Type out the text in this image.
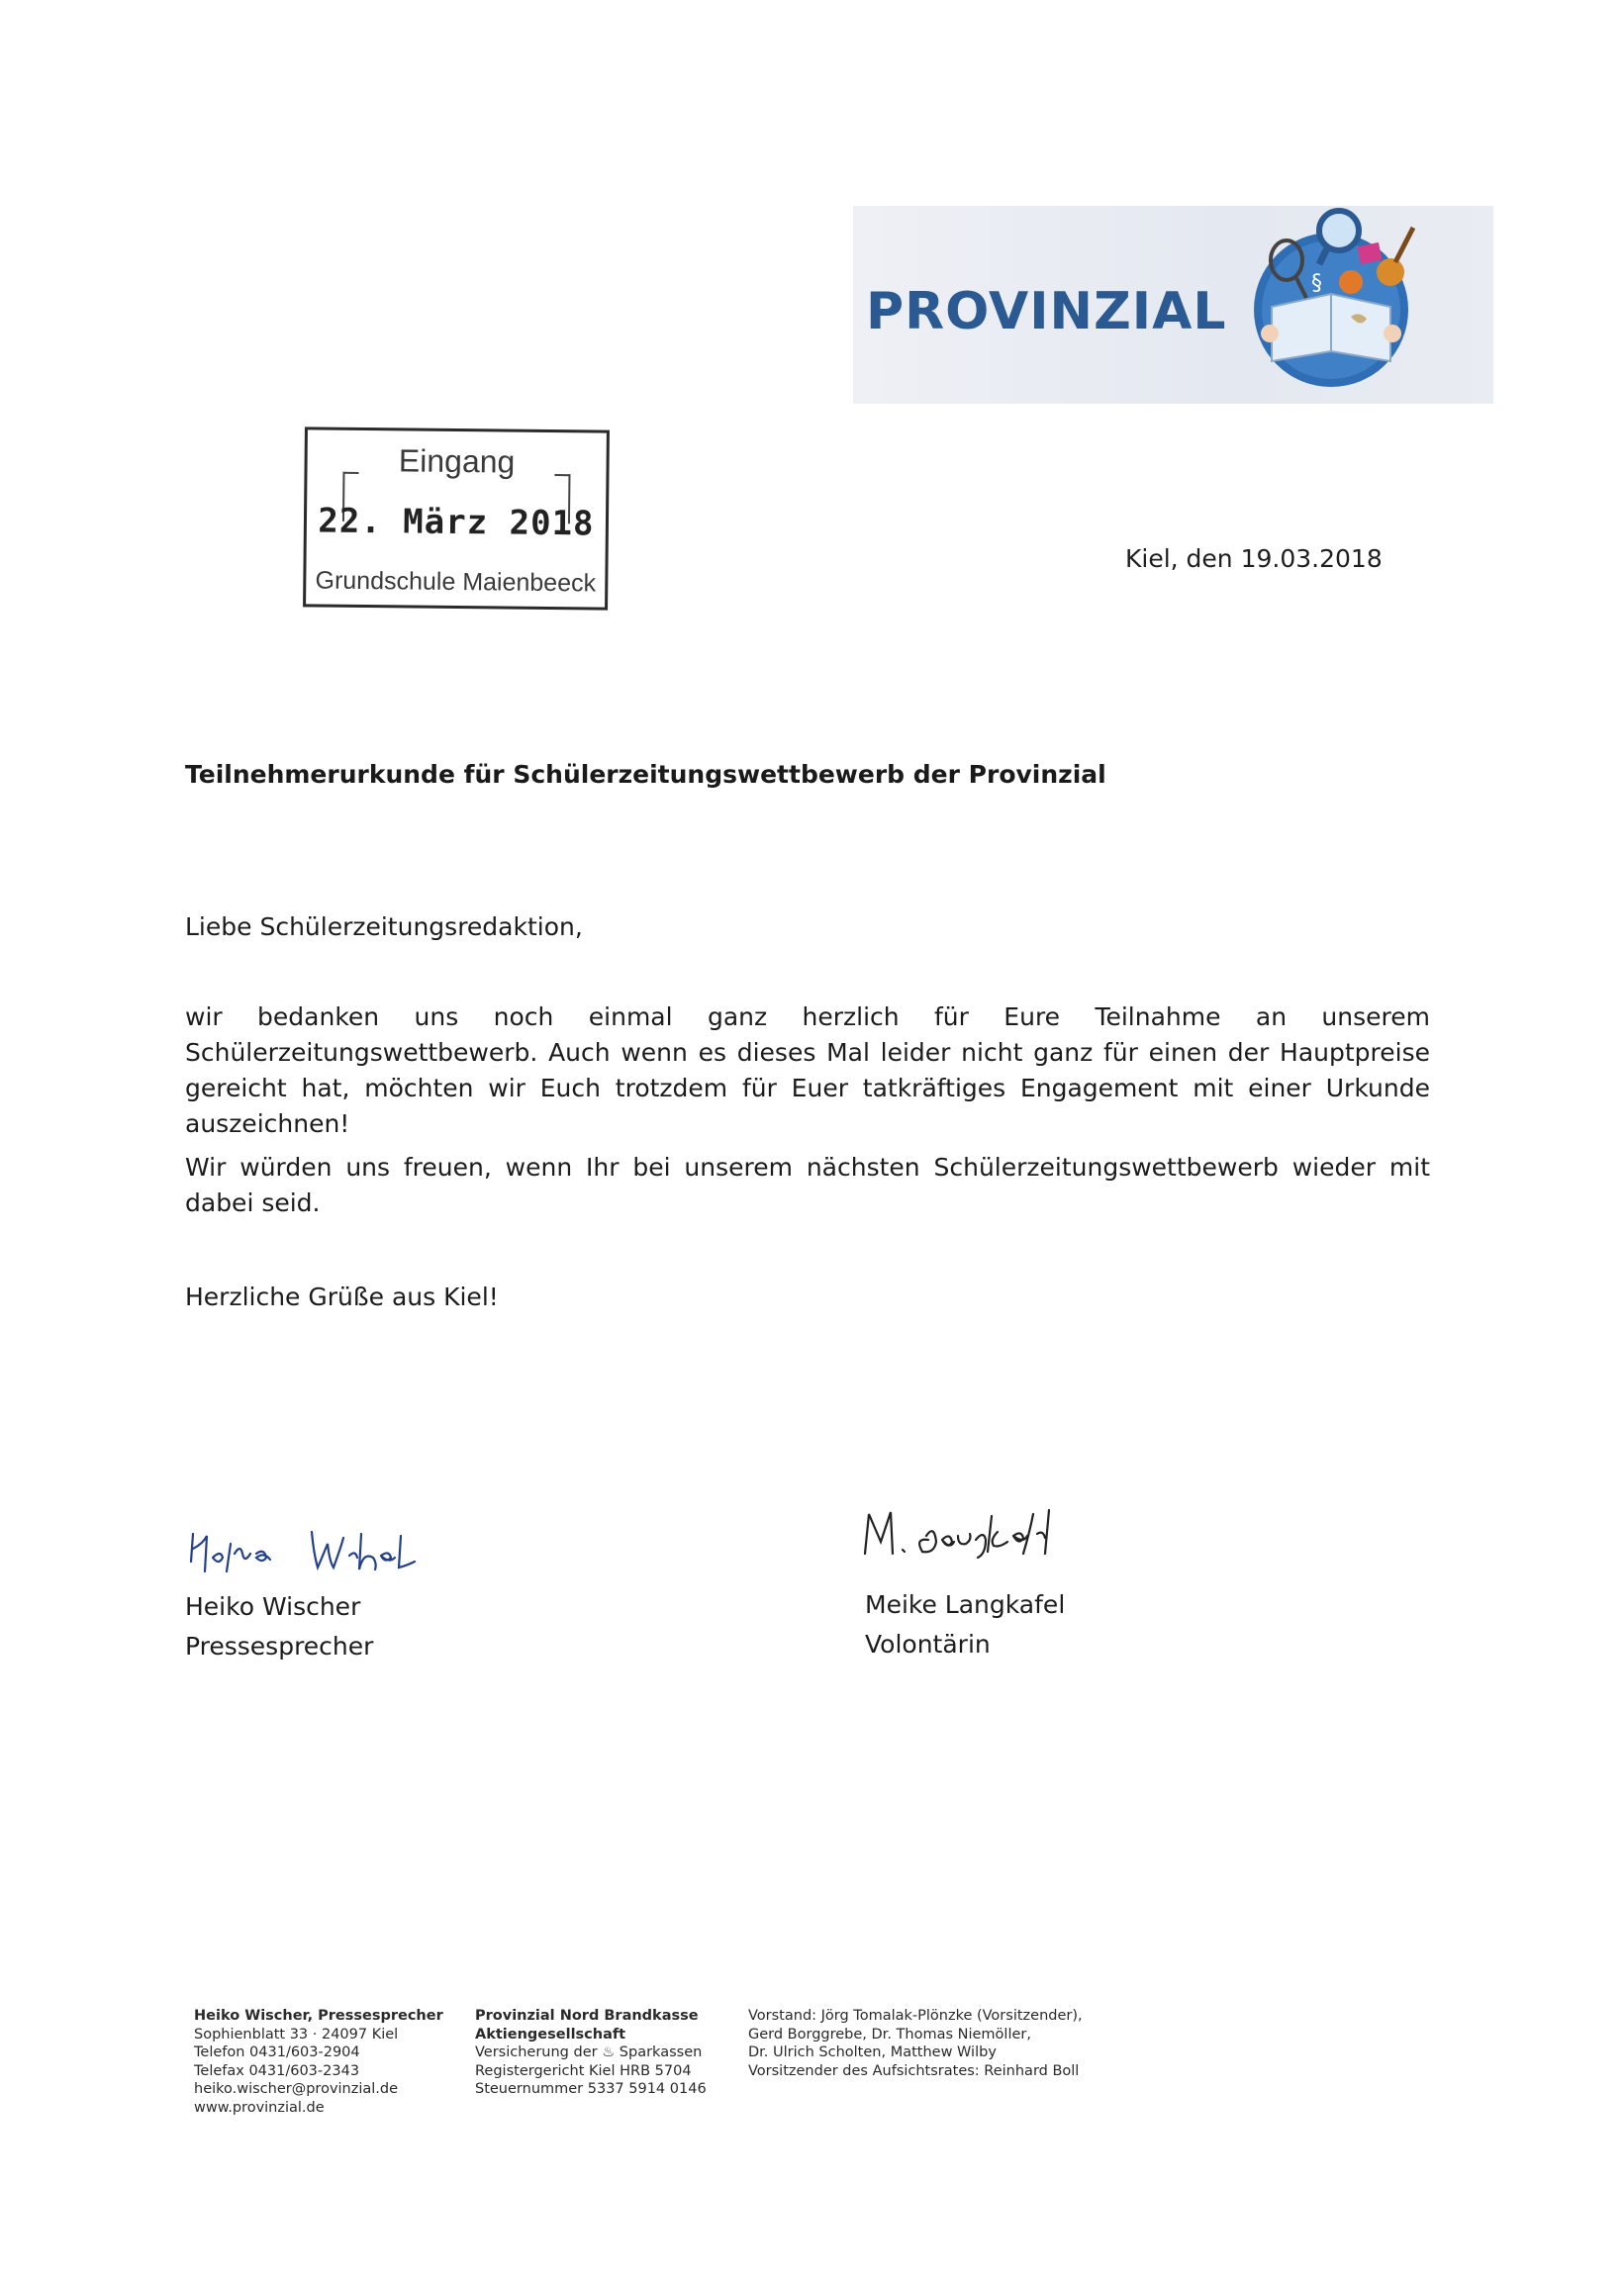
PROVINZIAL	§
Eingang
22. März 2018
Grundschule Maienbeeck
Kiel, den 19.03.2018
Teilnehmerurkunde für Schülerzeitungswettbewerb der Provinzial
Liebe Schülerzeitungsredaktion,
wir bedanken uns noch einmal ganz herzlich für Eure Teilnahme an unserem Schülerzeitungswettbewerb. Auch wenn es dieses Mal leider nicht ganz für einen der Hauptpreise gereicht hat, möchten wir Euch trotzdem für Euer tatkräftiges Engagement mit einer Urkunde auszeichnen!
Wir würden uns freuen, wenn Ihr bei unserem nächsten Schülerzeitungswettbewerb wieder mit dabei seid.
Herzliche Grüße aus Kiel!
Heiko Wischer
Pressesprecher
Meike Langkafel
Volontärin
Heiko Wischer, Pressesprecher
Sophienblatt 33 · 24097 Kiel
Telefon 0431/603-2904
Telefax 0431/603-2343
heiko.wischer@provinzial.de
www.provinzial.de
Provinzial Nord Brandkasse
Aktiengesellschaft
Versicherung der ♨ Sparkassen
Registergericht Kiel HRB 5704
Steuernummer 5337 5914 0146
Vorstand: Jörg Tomalak-Plönzke (Vorsitzender),
Gerd Borggrebe, Dr. Thomas Niemöller,
Dr. Ulrich Scholten, Matthew Wilby
Vorsitzender des Aufsichtsrates: Reinhard Boll
